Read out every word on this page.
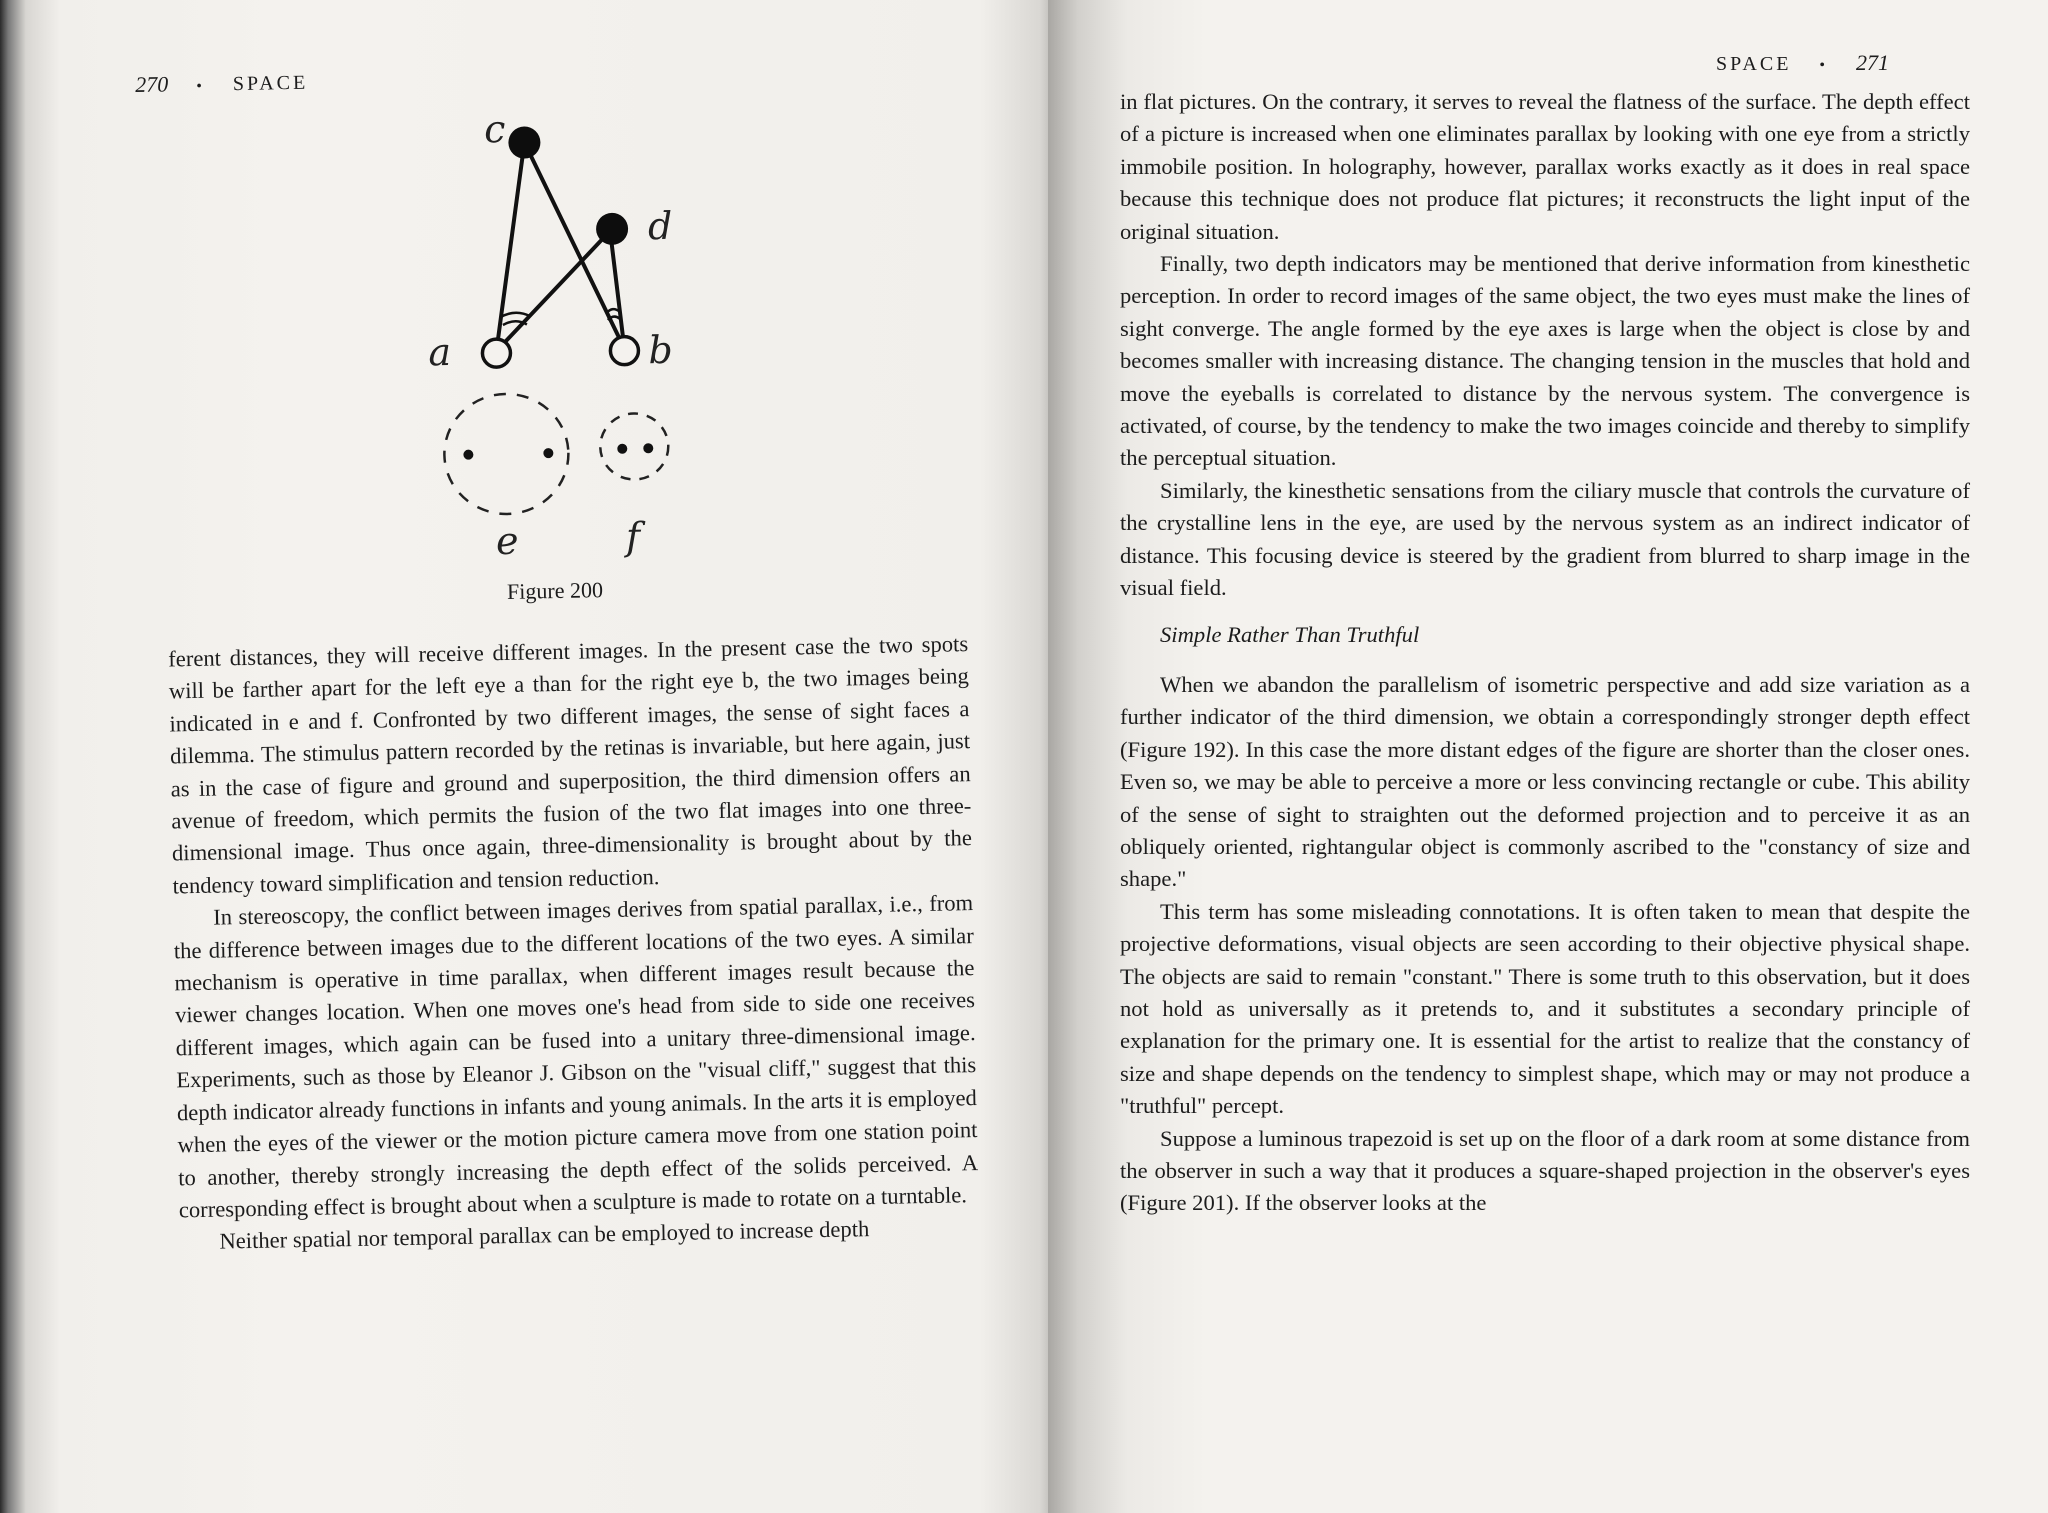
270 • SPACE
c
d
a	b
e	f
Figure 200

ferent distances, they will receive different images. In the present case the two spots will be farther apart for the left eye a than for the right eye b, the two images being indicated in e and f. Confronted by two different images, the sense of sight faces a dilemma. The stimulus pattern recorded by the retinas is invariable, but here again, just as in the case of figure and ground and superposition, the third dimension offers an avenue of freedom, which permits the fusion of the two flat images into one three-dimensional image. Thus once again, three-dimensionality is brought about by the tendency toward simplification and tension reduction.

In stereoscopy, the conflict between images derives from spatial parallax, i.e., from the difference between images due to the different locations of the two eyes. A similar mechanism is operative in time parallax, when different images result because the viewer changes location. When one moves one's head from side to side one receives different images, which again can be fused into a unitary three-dimensional image. Experiments, such as those by Eleanor J. Gibson on the "visual cliff," suggest that this depth indicator already functions in infants and young animals. In the arts it is employed when the eyes of the viewer or the motion picture camera move from one station point to another, thereby strongly increasing the depth effect of the solids perceived. A corresponding effect is brought about when a sculpture is made to rotate on a turntable.

Neither spatial nor temporal parallax can be employed to increase depth

SPACE • 271

in flat pictures. On the contrary, it serves to reveal the flatness of the surface. The depth effect of a picture is increased when one eliminates parallax by looking with one eye from a strictly immobile position. In holography, however, parallax works exactly as it does in real space because this technique does not produce flat pictures; it reconstructs the light input of the original situation.

Finally, two depth indicators may be mentioned that derive information from kinesthetic perception. In order to record images of the same object, the two eyes must make the lines of sight converge. The angle formed by the eye axes is large when the object is close by and becomes smaller with increasing distance. The changing tension in the muscles that hold and move the eyeballs is correlated to distance by the nervous system. The convergence is activated, of course, by the tendency to make the two images coincide and thereby to simplify the perceptual situation.

Similarly, the kinesthetic sensations from the ciliary muscle that controls the curvature of the crystalline lens in the eye, are used by the nervous system as an indirect indicator of distance. This focusing device is steered by the gradient from blurred to sharp image in the visual field.

Simple Rather Than Truthful

When we abandon the parallelism of isometric perspective and add size variation as a further indicator of the third dimension, we obtain a correspondingly stronger depth effect (Figure 192). In this case the more distant edges of the figure are shorter than the closer ones. Even so, we may be able to perceive a more or less convincing rectangle or cube. This ability of the sense of sight to straighten out the deformed projection and to perceive it as an obliquely oriented, rightangular object is commonly ascribed to the "constancy of size and shape."

This term has some misleading connotations. It is often taken to mean that despite the projective deformations, visual objects are seen according to their objective physical shape. The objects are said to remain "constant." There is some truth to this observation, but it does not hold as universally as it pretends to, and it substitutes a secondary principle of explanation for the primary one. It is essential for the artist to realize that the constancy of size and shape depends on the tendency to simplest shape, which may or may not produce a "truthful" percept.

Suppose a luminous trapezoid is set up on the floor of a dark room at some distance from the observer in such a way that it produces a square-shaped projection in the observer's eyes (Figure 201). If the observer looks at the
